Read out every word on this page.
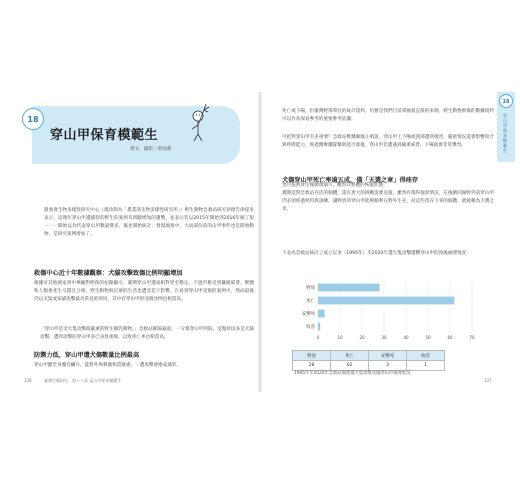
18
農委會生物多樣性研究中心（現改制為「農業部生物多樣性研究所」）野生動物急救站研究員德告津提來表示，這幾年穿山甲遭捕狩的野生的案例有明顯增加的趨勢，並表示若以2015年開始到2016年解了很一一一開始以為代表穿山甲數量變多，後也開始統計，發現地很中，大雨部份前的山甲事件也是開始動物，是研究案例增加了。
救傷中心近十年數據觀察：犬貓攻擊致傷比例明顯增加
根據於其他國家到中華顧對野保的紀錄顯示，臺灣穿山甲遭成相對穿全穩定，不過仍舊受到獵捕威脅。獸醫和人類會產生交錯且互相，野生動物與民眾的生活也遭受若干影響。在看到穿山甲受傷的案例中，然而最後仍以犬隻或家貓攻擊最為常見的原因，其中有穿山甲的受傷比例也相當高。
「穿山甲是受犬隻攻擊最嚴重的野生哺乳動物。」急救站歐陽諭說，一分領穿山甲到院，受傷原因多是犬貓攻擊，遭到攻擊的穿山甲多已身負重傷，以致死亡率也相當高。
防禦力低，穿山甲遭犬傷數量比例最高
穿山甲雖全身覆有鱗片，能對外界刺激相當敏感，一遭攻擊會捲成球狀，
穿山甲保育模範生
撰文．攝影／黃灿喬
136	臺灣生態研究．第十八章 穿山甲保育模範生
死亡或下場，但臺灣野保單位的統計資料，仍舊是我們目前掌握最直接的來源，野生動物救傷的數據資料可以作為保育參考的重要參考依據。
可把對穿山甲有多重要？急救站獸醫師綠小娟說，穿山甲上下喉或頸部遭到傷害，嚴重情況還會影響咬合與呼吸能力，經過醫療團隊幫助能否康復，穿山甲若遭遇到嚴重威脅，下場就會非常慘烈。
也可依照發生後續幾個月，觀察其整體的恢復狀態。
犬傷穿山甲死亡率逾五成，僅「天選之章」得痊存
邁期這對急救站存活的個體，還有更大的挑戰需要克服，雖然有傷得復原情況，在後續回歸野外前穿山甲仍必須經過照料與訓練，讓野放的穿山甲能夠順利在野外生存，而這些留存下來的個體，就被稱為天選之章。
下表為急救站統計了成立以來（1995年）至2020年遭犬隻攻擊遭難穿山甲的預後處理情況：
18
穿山甲保育模範生
野放
死亡
安樂死
收容
0	10	20	30	40	50	60	70
野放	死亡	安樂死	收容
28	62	3	1
1995年至2020年急救站處理遭犬隻攻擊受傷穿山甲處理狀況
137
